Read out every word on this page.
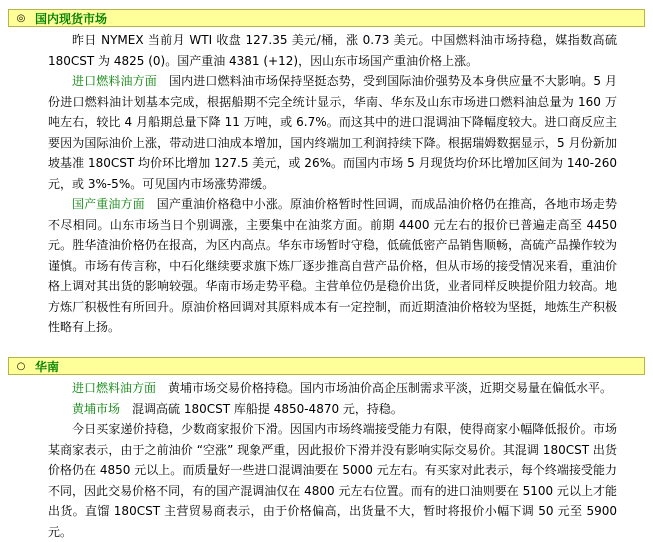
◎ 国内现货市场

昨日 NYMEX 当前月 WTI 收盘 127.35 美元/桶，涨 0.73 美元。中国燃料油市场持稳，媒指数高硫 180CST 为 4825 (0)。国产重油 4381 (+12)，因山东市场国产重油价格上涨。

进口燃料油方面 国内进口燃料油市场保持坚挺态势，受到国际油价强势及本身供应量不大影响。5 月份进口燃料油计划基本完成，根据船期不完全统计显示，华南、华东及山东市场进口燃料油总量为 160 万吨左右，较比 4 月船期总量下降 11 万吨，或 6.7%。而这其中的进口混调油下降幅度较大。进口商反应主要因为国际油价上涨，带动进口油成本增加，国内终端加工利润持续下降。根据瑞姆数据显示，5 月份新加坡基准 180CST 均价环比增加 127.5 美元，或 26%。而国内市场 5 月现货均价环比增加区间为 140-260 元，或 3%-5%。可见国内市场涨势滞缓。

国产重油方面 国产重油价格稳中小涨。原油价格暂时性回调，而成品油价格仍在推高，各地市场走势不尽相同。山东市场当日个别调涨，主要集中在油浆方面。前期 4400 元左右的报价已普遍走高至 4450 元。胜华渣油价格仍在报高，为区内高点。华东市场暂时守稳，低硫低密产品销售顺畅，高硫产品操作较为谨慎。市场有传言称，中石化继续要求旗下炼厂逐步推高自营产品价格，但从市场的接受情况来看，重油价格上调对其出货的影响较强。华南市场走势平稳。主营单位仍是稳价出货，业者同样反映提价阻力较高。地方炼厂积极性有所回升。原油价格回调对其原料成本有一定控制，而近期渣油价格较为坚挺，地炼生产积极性略有上扬。

○ 华南

进口燃料油方面 黄埔市场交易价格持稳。国内市场油价高企压制需求平淡，近期交易量在偏低水平。

黄埔市场 混调高硫 180CST 库船提 4850-4870 元，持稳。

今日买家递价持稳，少数商家报价下滑。因国内市场终端接受能力有限，使得商家小幅降低报价。市场某商家表示，由于之前油价 “空涨” 现象严重，因此报价下滑并没有影响实际交易价。其混调 180CST 出货价格仍在 4850 元以上。而质量好一些进口混调油要在 5000 元左右。有买家对此表示，每个终端接受能力不同，因此交易价格不同，有的国产混调油仅在 4800 元左右位置。而有的进口油则要在 5100 元以上才能出货。直馏 180CST 主营贸易商表示，由于价格偏高，出货量不大，暂时将报价小幅下调 50 元至 5900 元。
